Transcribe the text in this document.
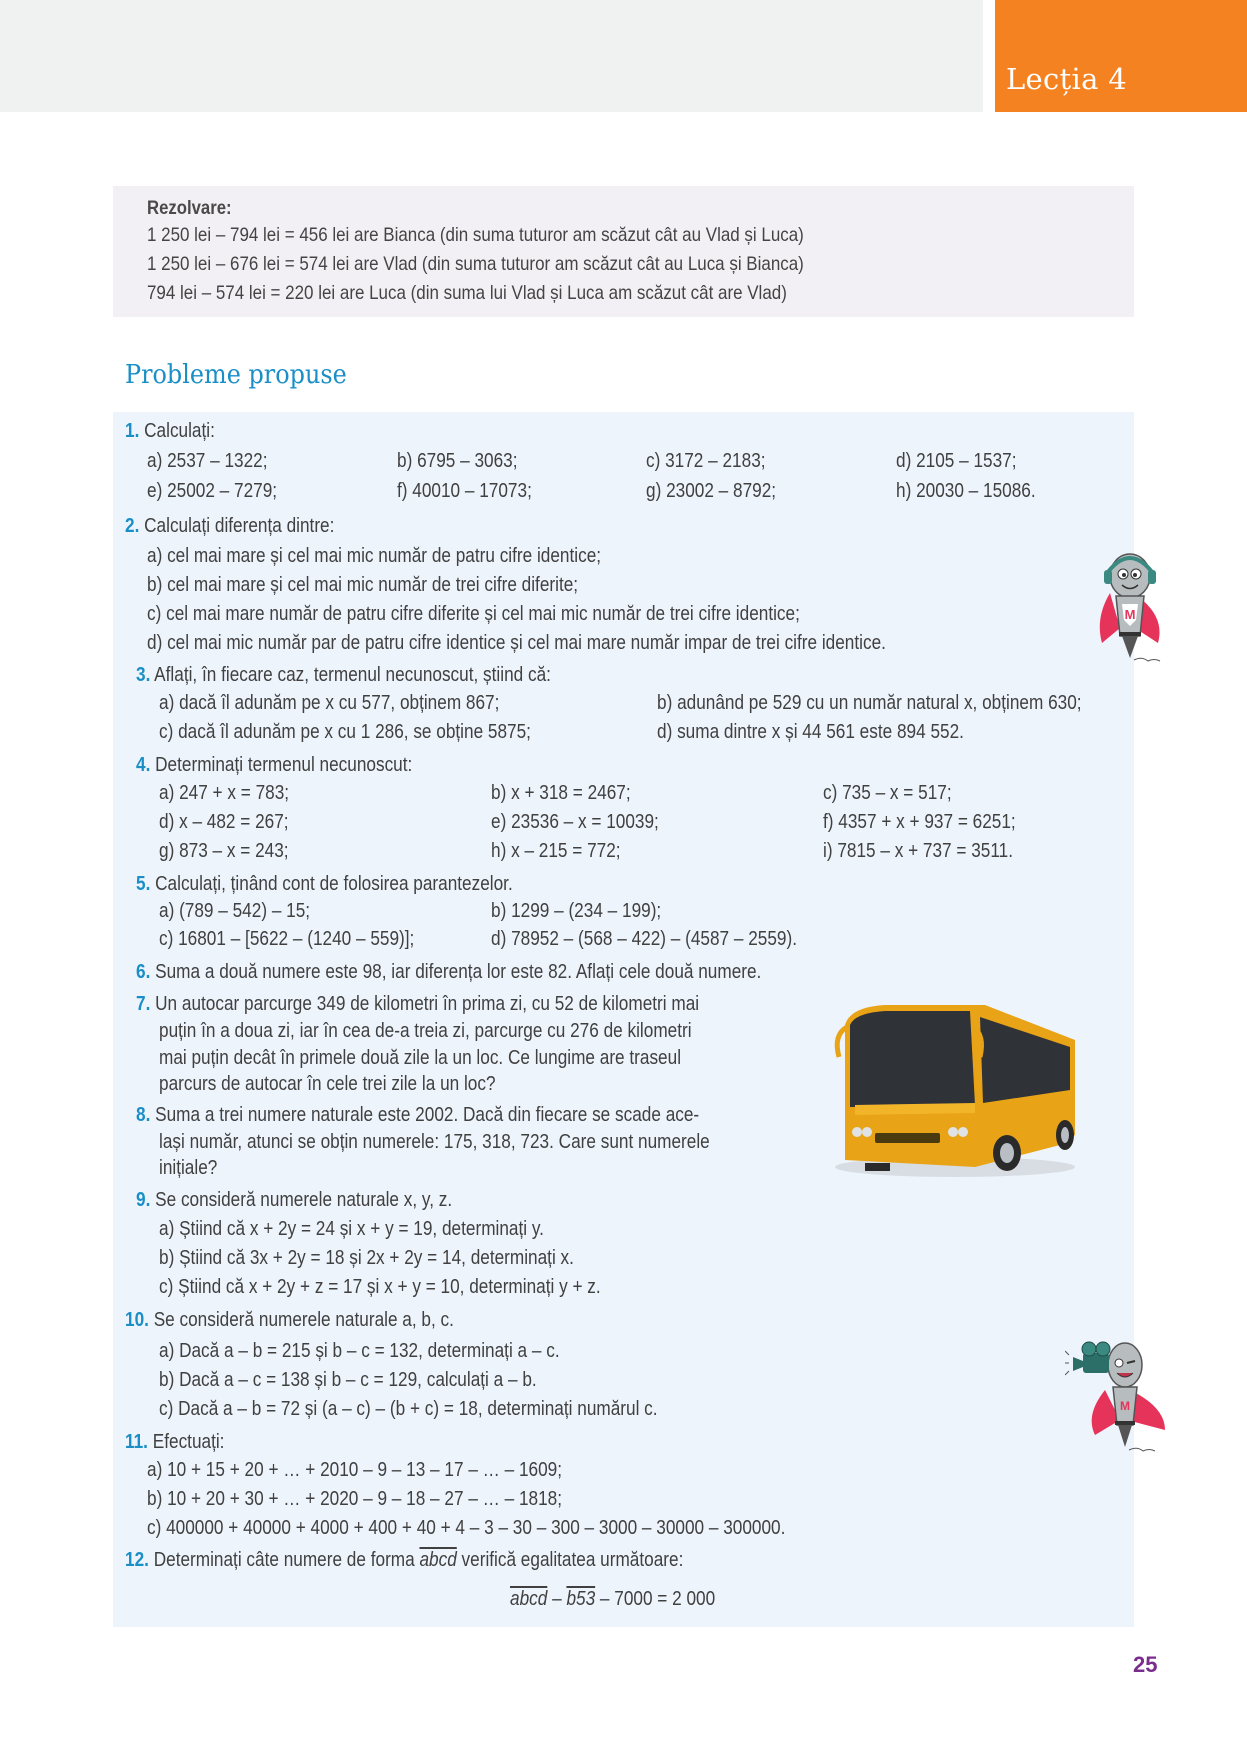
Lecția 4
Rezolvare:
1 250 lei – 794 lei = 456 lei are Bianca (din suma tuturor am scăzut cât au Vlad și Luca)
1 250 lei – 676 lei = 574 lei are Vlad (din suma tuturor am scăzut cât au Luca și Bianca)
794 lei – 574 lei = 220 lei are Luca (din suma lui Vlad și Luca am scăzut cât are Vlad)
Probleme propuse
1. Calculați:
a) 2537 – 1322;	b) 6795 – 3063;	c) 3172 – 2183;	d) 2105 – 1537;
e) 25002 – 7279;	f) 40010 – 17073;	g) 23002 – 8792;	h) 20030 – 15086.
2. Calculați diferența dintre:
a) cel mai mare și cel mai mic număr de patru cifre identice;
b) cel mai mare și cel mai mic număr de trei cifre diferite;
c) cel mai mare număr de patru cifre diferite și cel mai mic număr de trei cifre identice;
d) cel mai mic număr par de patru cifre identice și cel mai mare număr impar de trei cifre identice.
3. Aflați, în fiecare caz, termenul necunoscut, știind că:
a) dacă îl adunăm pe x cu 577, obținem 867;	b) adunând pe 529 cu un număr natural x, obținem 630;
c) dacă îl adunăm pe x cu 1 286, se obține 5875;	d) suma dintre x și 44 561 este 894 552.
4. Determinați termenul necunoscut:
a) 247 + x = 783;	b) x + 318 = 2467;	c) 735 – x = 517;
d) x – 482 = 267;	e) 23536 – x = 10039;	f) 4357 + x + 937 = 6251;
g) 873 – x = 243;	h) x – 215 = 772;	i) 7815 – x + 737 = 3511.
5. Calculați, ținând cont de folosirea parantezelor.
a) (789 – 542) – 15;	b) 1299 – (234 – 199);
c) 16801 – [5622 – (1240 – 559)];	d) 78952 – (568 – 422) – (4587 – 2559).
6. Suma a două numere este 98, iar diferența lor este 82. Aflați cele două numere.
7. Un autocar parcurge 349 de kilometri în prima zi, cu 52 de kilometri mai
puțin în a doua zi, iar în cea de-a treia zi, parcurge cu 276 de kilometri
mai puțin decât în primele două zile la un loc. Ce lungime are traseul
parcurs de autocar în cele trei zile la un loc?
8. Suma a trei numere naturale este 2002. Dacă din fiecare se scade ace-
lași număr, atunci se obțin numerele: 175, 318, 723. Care sunt numerele
inițiale?
9. Se consideră numerele naturale x, y, z.
a) Știind că x + 2y = 24 și x + y = 19, determinați y.
b) Știind că 3x + 2y = 18 și 2x + 2y = 14, determinați x.
c) Știind că x + 2y + z = 17 și x + y = 10, determinați y + z.
10. Se consideră numerele naturale a, b, c.
a) Dacă a – b = 215 și b – c = 132, determinați a – c.
b) Dacă a – c = 138 și b – c = 129, calculați a – b.
c) Dacă a – b = 72 și (a – c) – (b + c) = 18, determinați numărul c.
11. Efectuați:
a) 10 + 15 + 20 + … + 2010 – 9 – 13 – 17 – … – 1609;
b) 10 + 20 + 30 + … + 2020 – 9 – 18 – 27 – … – 1818;
c) 400000 + 40000 + 4000 + 400 + 40 + 4 – 3 – 30 – 300 – 3000 – 30000 – 300000.
12. Determinați câte numere de forma abcd verifică egalitatea următoare:
abcd – b53 – 7000 = 2 000
M
M
25
